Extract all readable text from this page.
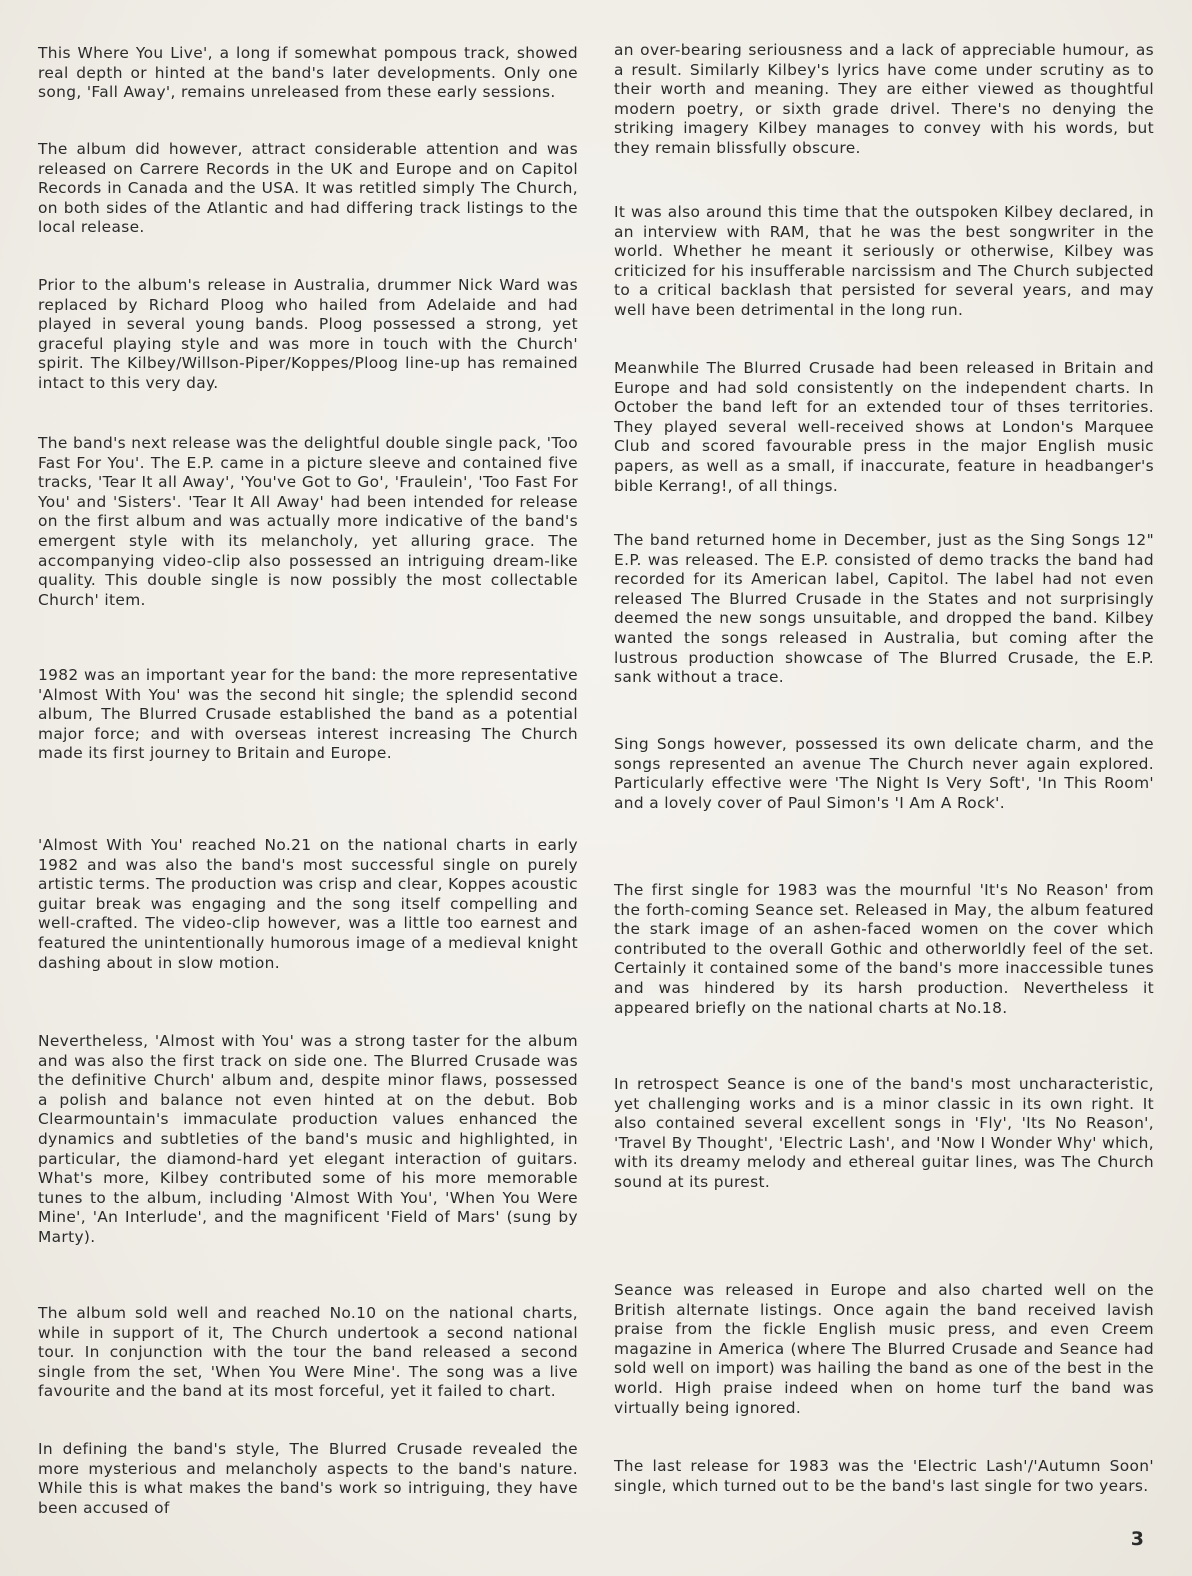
This Where You Live', a long if somewhat pompous track, showed real depth or hinted at the band's later developments. Only one song, 'Fall Away', remains unreleased from these early sessions.

The album did however, attract considerable attention and was released on Carrere Records in the UK and Europe and on Capitol Records in Canada and the USA. It was retitled simply The Church, on both sides of the Atlantic and had differing track listings to the local release.

Prior to the album's release in Australia, drummer Nick Ward was replaced by Richard Ploog who hailed from Adelaide and had played in several young bands. Ploog possessed a strong, yet graceful playing style and was more in touch with the Church' spirit. The Kilbey/Willson-Piper/Koppes/Ploog line-up has remained intact to this very day.

The band's next release was the delightful double single pack, 'Too Fast For You'. The E.P. came in a picture sleeve and contained five tracks, 'Tear It all Away', 'You've Got to Go', 'Fraulein', 'Too Fast For You' and 'Sisters'. 'Tear It All Away' had been intended for release on the first album and was actually more indicative of the band's emergent style with its melancholy, yet alluring grace. The accompanying video-clip also possessed an intriguing dream-like quality. This double single is now possibly the most collectable Church' item.

1982 was an important year for the band: the more representative 'Almost With You' was the second hit single; the splendid second album, The Blurred Crusade established the band as a potential major force; and with overseas interest increasing The Church made its first journey to Britain and Europe.

'Almost With You' reached No.21 on the national charts in early 1982 and was also the band's most successful single on purely artistic terms. The production was crisp and clear, Koppes acoustic guitar break was engaging and the song itself compelling and well-crafted. The video-clip however, was a little too earnest and featured the unintentionally humorous image of a medieval knight dashing about in slow motion.

Nevertheless, 'Almost with You' was a strong taster for the album and was also the first track on side one. The Blurred Crusade was the definitive Church' album and, despite minor flaws, possessed a polish and balance not even hinted at on the debut. Bob Clearmountain's immaculate production values enhanced the dynamics and subtleties of the band's music and highlighted, in particular, the diamond-hard yet elegant interaction of guitars. What's more, Kilbey contributed some of his more memorable tunes to the album, including 'Almost With You', 'When You Were Mine', 'An Interlude', and the magnificent 'Field of Mars' (sung by Marty).

The album sold well and reached No.10 on the national charts, while in support of it, The Church undertook a second national tour. In conjunction with the tour the band released a second single from the set, 'When You Were Mine'. The song was a live favourite and the band at its most forceful, yet it failed to chart.

In defining the band's style, The Blurred Crusade revealed the more mysterious and melancholy aspects to the band's nature. While this is what makes the band's work so intriguing, they have been accused of

an over-bearing seriousness and a lack of appreciable humour, as a result. Similarly Kilbey's lyrics have come under scrutiny as to their worth and meaning. They are either viewed as thoughtful modern poetry, or sixth grade drivel. There's no denying the striking imagery Kilbey manages to convey with his words, but they remain blissfully obscure.

It was also around this time that the outspoken Kilbey declared, in an interview with RAM, that he was the best songwriter in the world. Whether he meant it seriously or otherwise, Kilbey was criticized for his insufferable narcissism and The Church subjected to a critical backlash that persisted for several years, and may well have been detrimental in the long run.

Meanwhile The Blurred Crusade had been released in Britain and Europe and had sold consistently on the independent charts. In October the band left for an extended tour of thses territories. They played several well-received shows at London's Marquee Club and scored favourable press in the major English music papers, as well as a small, if inaccurate, feature in headbanger's bible Kerrang!, of all things.

The band returned home in December, just as the Sing Songs 12" E.P. was released. The E.P. consisted of demo tracks the band had recorded for its American label, Capitol. The label had not even released The Blurred Crusade in the States and not surprisingly deemed the new songs unsuitable, and dropped the band. Kilbey wanted the songs released in Australia, but coming after the lustrous production showcase of The Blurred Crusade, the E.P. sank without a trace.

Sing Songs however, possessed its own delicate charm, and the songs represented an avenue The Church never again explored. Particularly effective were 'The Night Is Very Soft', 'In This Room' and a lovely cover of Paul Simon's 'I Am A Rock'.

The first single for 1983 was the mournful 'It's No Reason' from the forth-coming Seance set. Released in May, the album featured the stark image of an ashen-faced women on the cover which contributed to the overall Gothic and otherworldly feel of the set. Certainly it contained some of the band's more inaccessible tunes and was hindered by its harsh production. Nevertheless it appeared briefly on the national charts at No.18.

In retrospect Seance is one of the band's most uncharacteristic, yet challenging works and is a minor classic in its own right. It also contained several excellent songs in 'Fly', 'Its No Reason', 'Travel By Thought', 'Electric Lash', and 'Now I Wonder Why' which, with its dreamy melody and ethereal guitar lines, was The Church sound at its purest.

Seance was released in Europe and also charted well on the British alternate listings. Once again the band received lavish praise from the fickle English music press, and even Creem magazine in America (where The Blurred Crusade and Seance had sold well on import) was hailing the band as one of the best in the world. High praise indeed when on home turf the band was virtually being ignored.

The last release for 1983 was the 'Electric Lash'/'Autumn Soon' single, which turned out to be the band's last single for two years.

3
